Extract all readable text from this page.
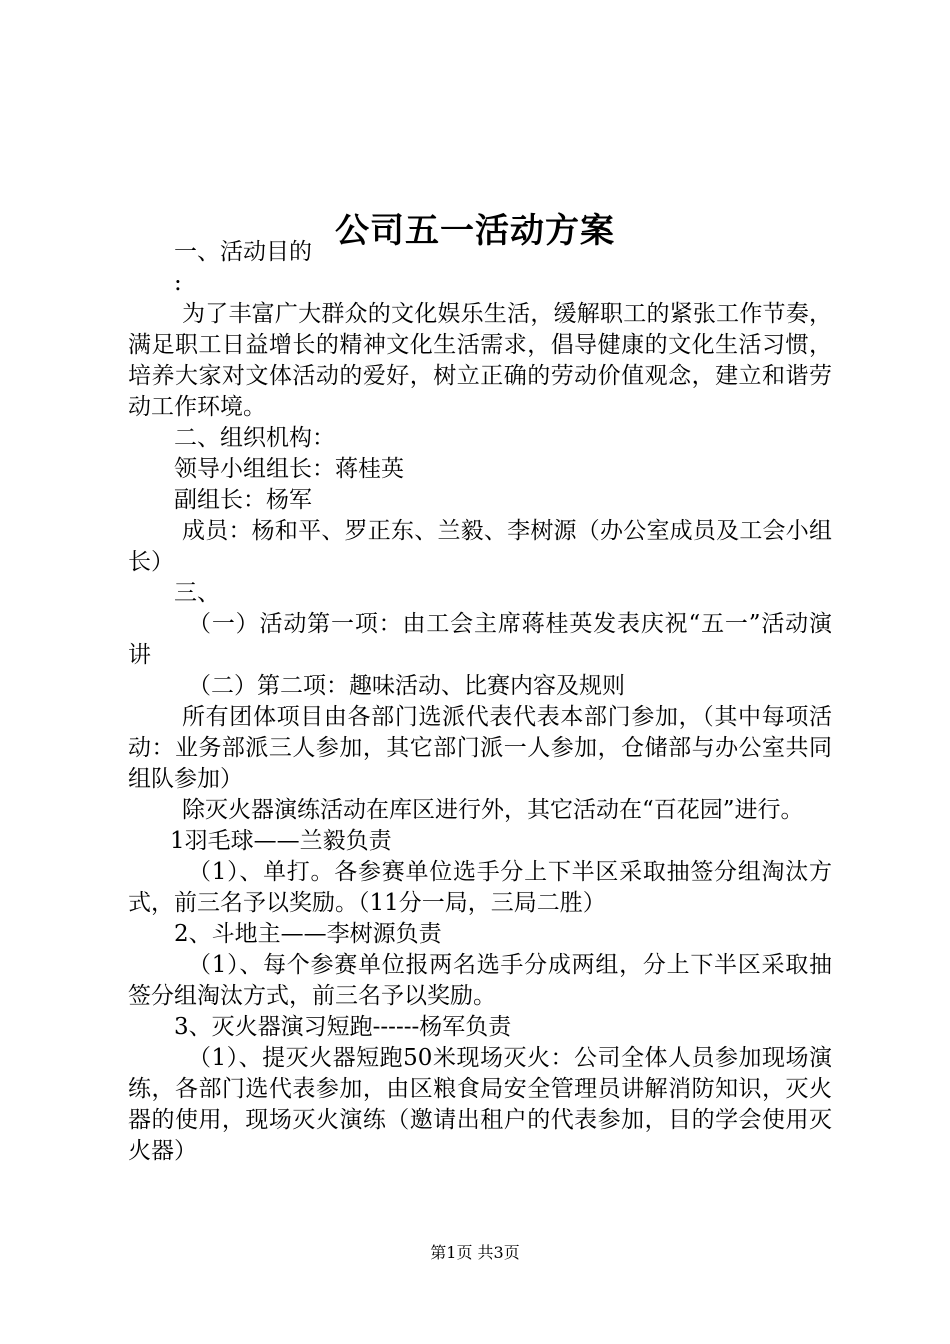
公司五一活动方案

一、活动目的

:

为了丰富广大群众的文化娱乐生活，缓解职工的紧张工作节奏，满足职工日益增长的精神文化生活需求，倡导健康的文化生活习惯，培养大家对文体活动的爱好，树立正确的劳动价值观念，建立和谐劳动工作环境。

二、组织机构：

领导小组组长：蒋桂英

副组长：杨军

成员：杨和平、罗正东、兰毅、李树源（办公室成员及工会小组长）

三、

（一）活动第一项：由工会主席蒋桂英发表庆祝“五一”活动演讲

（二）第二项：趣味活动、比赛内容及规则

所有团体项目由各部门选派代表代表本部门参加，（其中每项活动：业务部派三人参加，其它部门派一人参加，仓储部与办公室共同组队参加）

除灭火器演练活动在库区进行外，其它活动在“百花园”进行。

1羽毛球——兰毅负责

（1）、单打。各参赛单位选手分上下半区采取抽签分组淘汰方式，前三名予以奖励。（11分一局，三局二胜）

2、斗地主——李树源负责

（1）、每个参赛单位报两名选手分成两组，分上下半区采取抽签分组淘汰方式，前三名予以奖励。

3、灭火器演习短跑------杨军负责

（1）、提灭火器短跑50米现场灭火：公司全体人员参加现场演练，各部门选代表参加，由区粮食局安全管理员讲解消防知识，灭火器的使用，现场灭火演练（邀请出租户的代表参加，目的学会使用灭火器）

第1页 共3页
